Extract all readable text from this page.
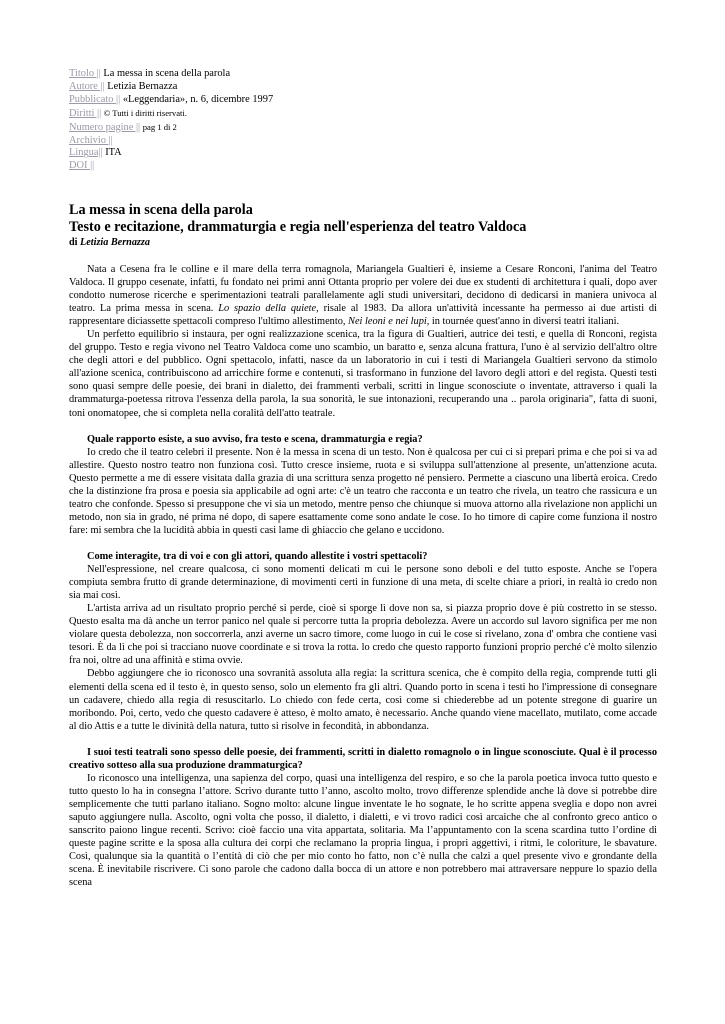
Titolo || La messa in scena della parola
Autore || Letizia Bernazza
Pubblicato || «Leggendaria», n. 6, dicembre 1997
Diritti || © Tutti i diritti riservati.
Numero pagine || pag 1 di 2
Archivio ||
Lingua|| ITA
DOI ||
La messa in scena della parola
Testo e recitazione, drammaturgia e regia nell'esperienza del teatro Valdoca
di Letizia Bernazza

Nata a Cesena fra le colline e il mare della terra romagnola, Mariangela Gualtieri è, insieme a Cesare Ronconi, l'anima del Teatro Valdoca. Il gruppo cesenate, infatti, fu fondato nei primi anni Ottanta proprio per volere dei due ex studenti di architettura i quali, dopo aver condotto numerose ricerche e sperimentazioni teatrali parallelamente agli studi universitari, decidono di dedicarsi in maniera univoca al teatro. La prima messa in scena. Lo spazio della quiete, risale al 1983. Da allora un'attività incessante ha permesso ai due artisti di rappresentare diciassette spettacoli compreso l'ultimo allestimento, Nei leoni e nei lupi, in tournée quest'anno in diversi teatri italiani.

Un perfetto equilibrio si instaura, per ogni realizzazione scenica, tra la figura di Gualtieri, autrice dei testi, e quella di Ronconi, regista del gruppo. Testo e regia vivono nel Teatro Valdoca come uno scambio, un baratto e, senza alcuna frattura, l'uno è al servizio dell'altro oltre che degli attori e del pubblico. Ogni spettacolo, infatti, nasce da un laboratorio in cui i testi di Mariangela Gualtieri servono da stimolo all'azione scenica, contribuiscono ad arricchire forme e contenuti, si trasformano in funzione del lavoro degli attori e del regista. Questi testi sono quasi sempre delle poesie, dei brani in dialetto, dei frammenti verbali, scritti in lingue sconosciute o inventate, attraverso i quali la drammaturga-poetessa ritrova l'essenza della parola, la sua sonorità, le sue intonazioni, recuperando una .. parola originaria", fatta di suoni, toni onomatopee, che si completa nella coralità dell'atto teatrale.

Quale rapporto esiste, a suo avviso, fra testo e scena, drammaturgia e regia?

Io credo che il teatro celebri il presente. Non è la messa in scena di un testo. Non è qualcosa per cui ci si prepari prima e che poi si va ad allestire. Questo nostro teatro non funziona così. Tutto cresce insieme, ruota e si sviluppa sull'attenzione al presente, un'attenzione acuta. Questo permette a me di essere visitata dalla grazia di una scrittura senza progetto né pensiero. Permette a ciascuno una libertà eroica. Credo che la distinzione fra prosa e poesia sia applicabile ad ogni arte: c'è un teatro che racconta e un teatro che rivela, un teatro che rassicura e un teatro che confonde. Spesso si presuppone che vi sia un metodo, mentre penso che chiunque si muova attorno alla rivelazione non applichi un metodo, non sia in grado, né prima né dopo, di sapere esattamente come sono andate le cose. Io ho timore di capire come funziona il nostro fare: mi sembra che la lucidità abbia in questi casi lame di ghiaccio che gelano e uccidono.

Come interagite, tra di voi e con gli attori, quando allestite i vostri spettacoli?

Nell'espressione, nel creare qualcosa, ci sono momenti delicati m cui le persone sono deboli e del tutto esposte. Anche se l'opera compiuta sembra frutto di grande determinazione, di movimenti certi in funzione di una meta, di scelte chiare a priori, in realtà io credo non sia mai così.

L'artista arriva ad un risultato proprio perché si perde, cioè si sporge lì dove non sa, si piazza proprio dove è più costretto in se stesso. Questo esalta ma dà anche un terror panico nel quale si percorre tutta la propria debolezza. Avere un accordo sul lavoro significa per me non violare questa debolezza, non soccorrerla, anzi averne un sacro timore, come luogo in cui le cose si rivelano, zona d' ombra che contiene vasi tesori. È da lì che poi si tracciano nuove coordinate e si trova la rotta. lo credo che questo rapporto funzioni proprio perché c'è molto silenzio fra noi, oltre ad una affinità e stima ovvie.

Debbo aggiungere che io riconosco una sovranità assoluta alla regia: la scrittura scenica, che è compito della regia, comprende tutti gli elementi della scena ed il testo è, in questo senso, solo un elemento fra gli altri. Quando porto in scena i testi ho l'impressione di consegnare un cadavere, chiedo alla regia di resuscitarlo. Lo chiedo con fede certa, così come si chiederebbe ad un potente stregone di guarire un moribondo. Poi, certo, vedo che questo cadavere è atteso, è molto amato, è necessario. Anche quando viene macellato, mutilato, come accade al dio Attis e a tutte le divinità della natura, tutto si risolve in fecondità, in abbondanza.

I suoi testi teatrali sono spesso delle poesie, dei frammenti, scritti in dialetto romagnolo o in lingue sconosciute. Qual è il processo creativo sotteso alla sua produzione drammaturgica?

Io riconosco una intelligenza, una sapienza del corpo, quasi una intelligenza del respiro, e so che la parola poetica invoca tutto questo e tutto questo lo ha in consegna l’attore. Scrivo durante tutto l’anno, ascolto molto, trovo differenze splendide anche là dove si potrebbe dire semplicemente che tutti parlano italiano. Sogno molto: alcune lingue inventate le ho sognate, le ho scritte appena sveglia e dopo non avrei saputo aggiungere nulla. Ascolto, ogni volta che posso, il dialetto, i dialetti, e vi trovo radici così arcaiche che al confronto greco antico o sanscrito paiono lingue recenti. Scrivo: cioè faccio una vita appartata, solitaria. Ma l’appuntamento con la scena scardina tutto l’ordine di queste pagine scritte e la sposa alla cultura dei corpi che reclamano la propria lingua, i propri aggettivi, i ritmi, le coloriture, le sbavature. Così, qualunque sia la quantità o l’entità di ciò che per mio conto ho fatto, non c’è nulla che calzi a quel presente vivo e grondante della scena. È inevitabile riscrivere. Ci sono parole che cadono dalla bocca di un attore e non potrebbero mai attraversare neppure lo spazio della scena
